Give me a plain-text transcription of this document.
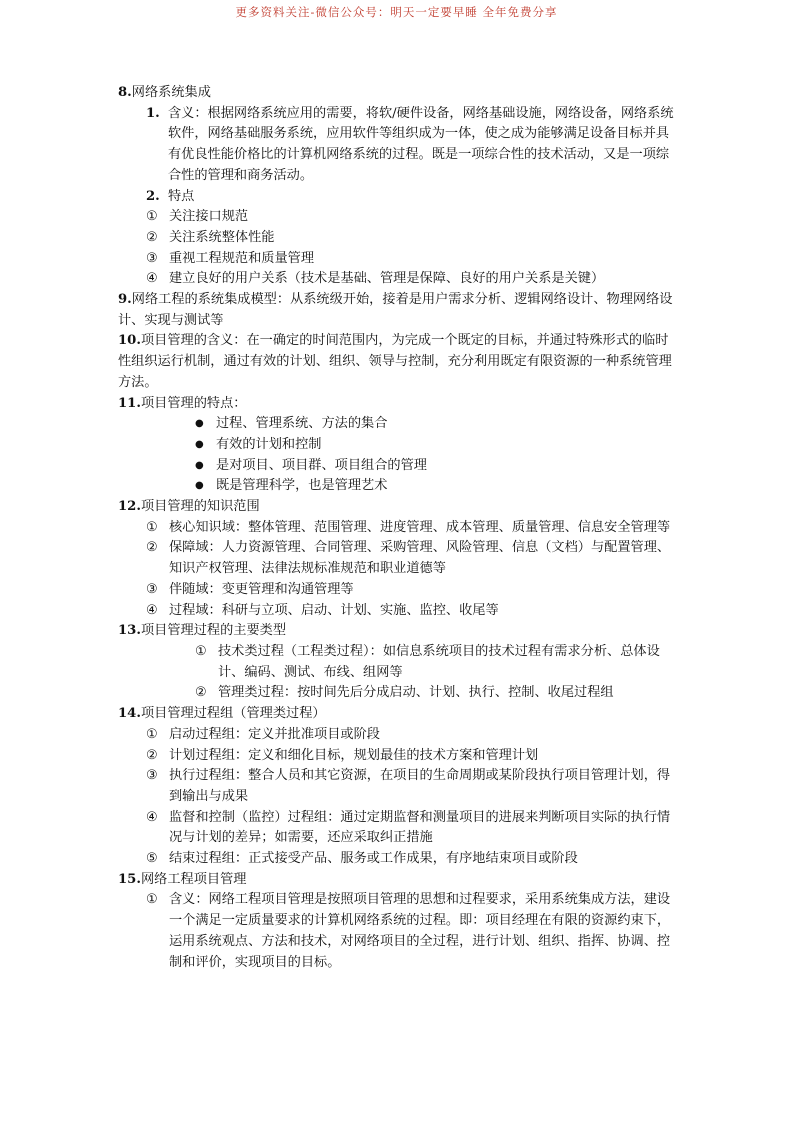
更多资料关注-微信公众号：明天一定要早睡 全年免费分享
8.网络系统集成
1. 含义：根据网络系统应用的需要，将软/硬件设备，网络基础设施，网络设备，网络系统软件，网络基础服务系统，应用软件等组织成为一体，使之成为能够满足设备目标并具有优良性能价格比的计算机网络系统的过程。既是一项综合性的技术活动，又是一项综合性的管理和商务活动。
2. 特点
① 关注接口规范
② 关注系统整体性能
③ 重视工程规范和质量管理
④ 建立良好的用户关系（技术是基础、管理是保障、良好的用户关系是关键）
9.网络工程的系统集成模型：从系统级开始，接着是用户需求分析、逻辑网络设计、物理网络设计、实现与测试等
10.项目管理的含义：在一确定的时间范围内，为完成一个既定的目标，并通过特殊形式的临时性组织运行机制，通过有效的计划、组织、领导与控制，充分利用既定有限资源的一种系统管理方法。
11.项目管理的特点：
● 过程、管理系统、方法的集合
● 有效的计划和控制
● 是对项目、项目群、项目组合的管理
● 既是管理科学，也是管理艺术
12.项目管理的知识范围
① 核心知识域：整体管理、范围管理、进度管理、成本管理、质量管理、信息安全管理等
② 保障域：人力资源管理、合同管理、采购管理、风险管理、信息（文档）与配置管理、知识产权管理、法律法规标准规范和职业道德等
③ 伴随域：变更管理和沟通管理等
④ 过程域：科研与立项、启动、计划、实施、监控、收尾等
13.项目管理过程的主要类型
① 技术类过程（工程类过程）：如信息系统项目的技术过程有需求分析、总体设计、编码、测试、布线、组网等
② 管理类过程：按时间先后分成启动、计划、执行、控制、收尾过程组
14.项目管理过程组（管理类过程）
① 启动过程组：定义并批准项目或阶段
② 计划过程组：定义和细化目标，规划最佳的技术方案和管理计划
③ 执行过程组：整合人员和其它资源，在项目的生命周期或某阶段执行项目管理计划，得到输出与成果
④ 监督和控制（监控）过程组：通过定期监督和测量项目的进展来判断项目实际的执行情况与计划的差异；如需要，还应采取纠正措施
⑤ 结束过程组：正式接受产品、服务或工作成果，有序地结束项目或阶段
15.网络工程项目管理
① 含义：网络工程项目管理是按照项目管理的思想和过程要求，采用系统集成方法，建设一个满足一定质量要求的计算机网络系统的过程。即：项目经理在有限的资源约束下，运用系统观点、方法和技术，对网络项目的全过程，进行计划、组织、指挥、协调、控制和评价，实现项目的目标。
